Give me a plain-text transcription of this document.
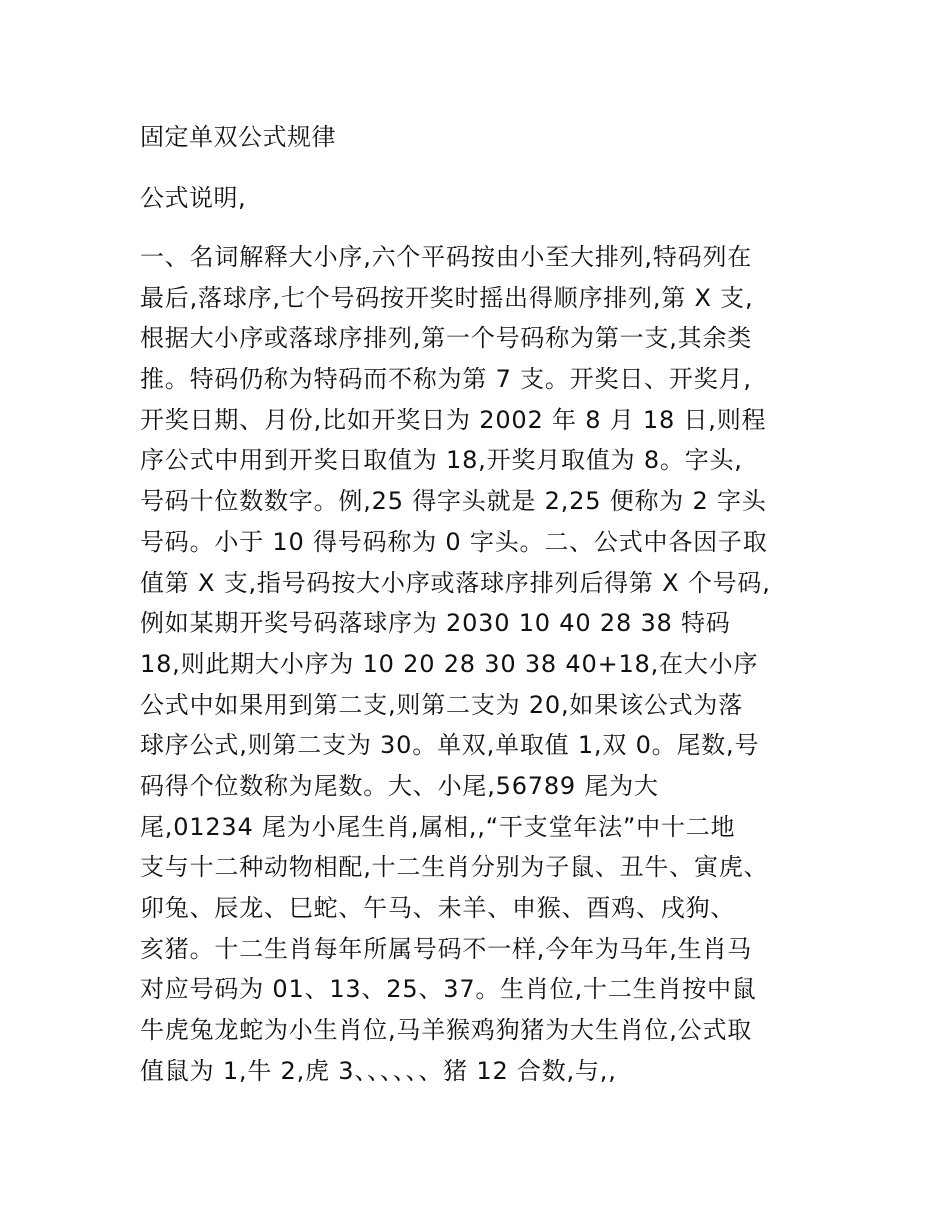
固定单双公式规律
公式说明,
一、名词解释大小序,六个平码按由小至大排列,特码列在
最后,落球序,七个号码按开奖时摇出得顺序排列,第 X 支,
根据大小序或落球序排列,第一个号码称为第一支,其余类
推。特码仍称为特码而不称为第 7 支。开奖日、开奖月,
开奖日期、月份,比如开奖日为 2002 年 8 月 18 日,则程
序公式中用到开奖日取值为 18,开奖月取值为 8。字头,
号码十位数数字。例,25 得字头就是 2,25 便称为 2 字头
号码。小于 10 得号码称为 0 字头。二、公式中各因子取
值第 X 支,指号码按大小序或落球序排列后得第 X 个号码,
例如某期开奖号码落球序为 2030 10 40 28 38 特码
18,则此期大小序为 10 20 28 30 38 40+18,在大小序
公式中如果用到第二支,则第二支为 20,如果该公式为落
球序公式,则第二支为 30。单双,单取值 1,双 0。尾数,号
码得个位数称为尾数。大、小尾,56789 尾为大
尾,01234 尾为小尾生肖,属相,,“干支堂年法”中十二地
支与十二种动物相配,十二生肖分别为子鼠、丑牛、寅虎、
卯兔、辰龙、巳蛇、午马、未羊、申猴、酉鸡、戌狗、
亥猪。十二生肖每年所属号码不一样,今年为马年,生肖马
对应号码为 01、13、25、37。生肖位,十二生肖按中鼠
牛虎兔龙蛇为小生肖位,马羊猴鸡狗猪为大生肖位,公式取
值鼠为 1,牛 2,虎 3、、、、、、猪 12 合数,与,,
